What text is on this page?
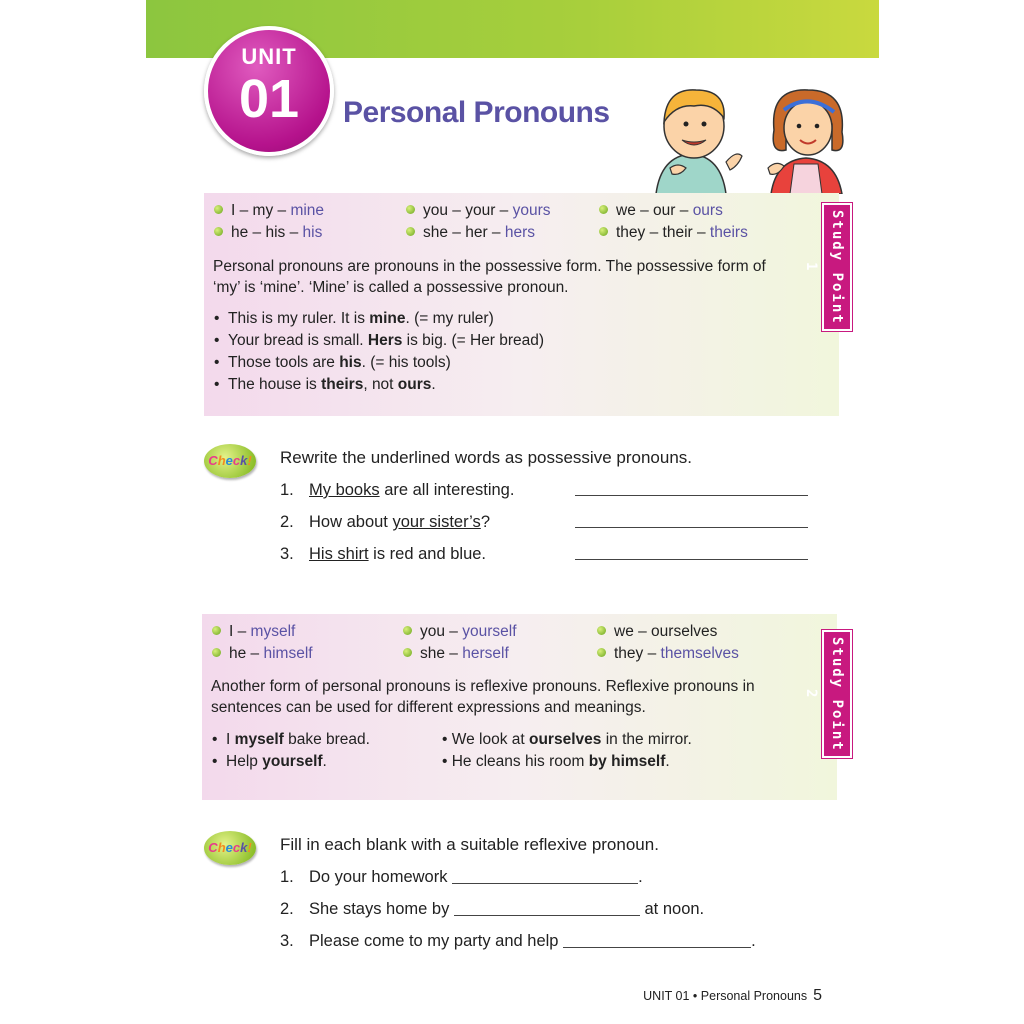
UNIT
01	Personal Pronouns
I – my – mine	you – your – yours	we – our – ours
he – his – his	she – her – hers	they – their – theirs
Personal pronouns are pronouns in the possessive form. The possessive form of
‘my’ is ‘mine’. ‘Mine’ is called a possessive pronoun.
•  This is my ruler. It is mine. (= my ruler)
•  Your bread is small. Hers is big. (= Her bread)
•  Those tools are his. (= his tools)
•  The house is theirs, not ours.
Study Point 1
Check! Rewrite the underlined words as possessive pronouns.
1. My books are all interesting.
2. How about your sister’s?
3. His shirt is red and blue.
I – myself	you – yourself	we – ourselves
he – himself	she – herself	they – themselves
Another form of personal pronouns is reflexive pronouns. Reflexive pronouns in
sentences can be used for different expressions and meanings.
•  I myself bake bread.	• We look at ourselves in the mirror.
•  Help yourself.	• He cleans his room by himself.
Study Point 2
Check! Fill in each blank with a suitable reflexive pronoun.
1. Do your homework	.
2. She stays home by	at noon.
3. Please come to my party and help	.
UNIT 01 • Personal Pronouns 5
